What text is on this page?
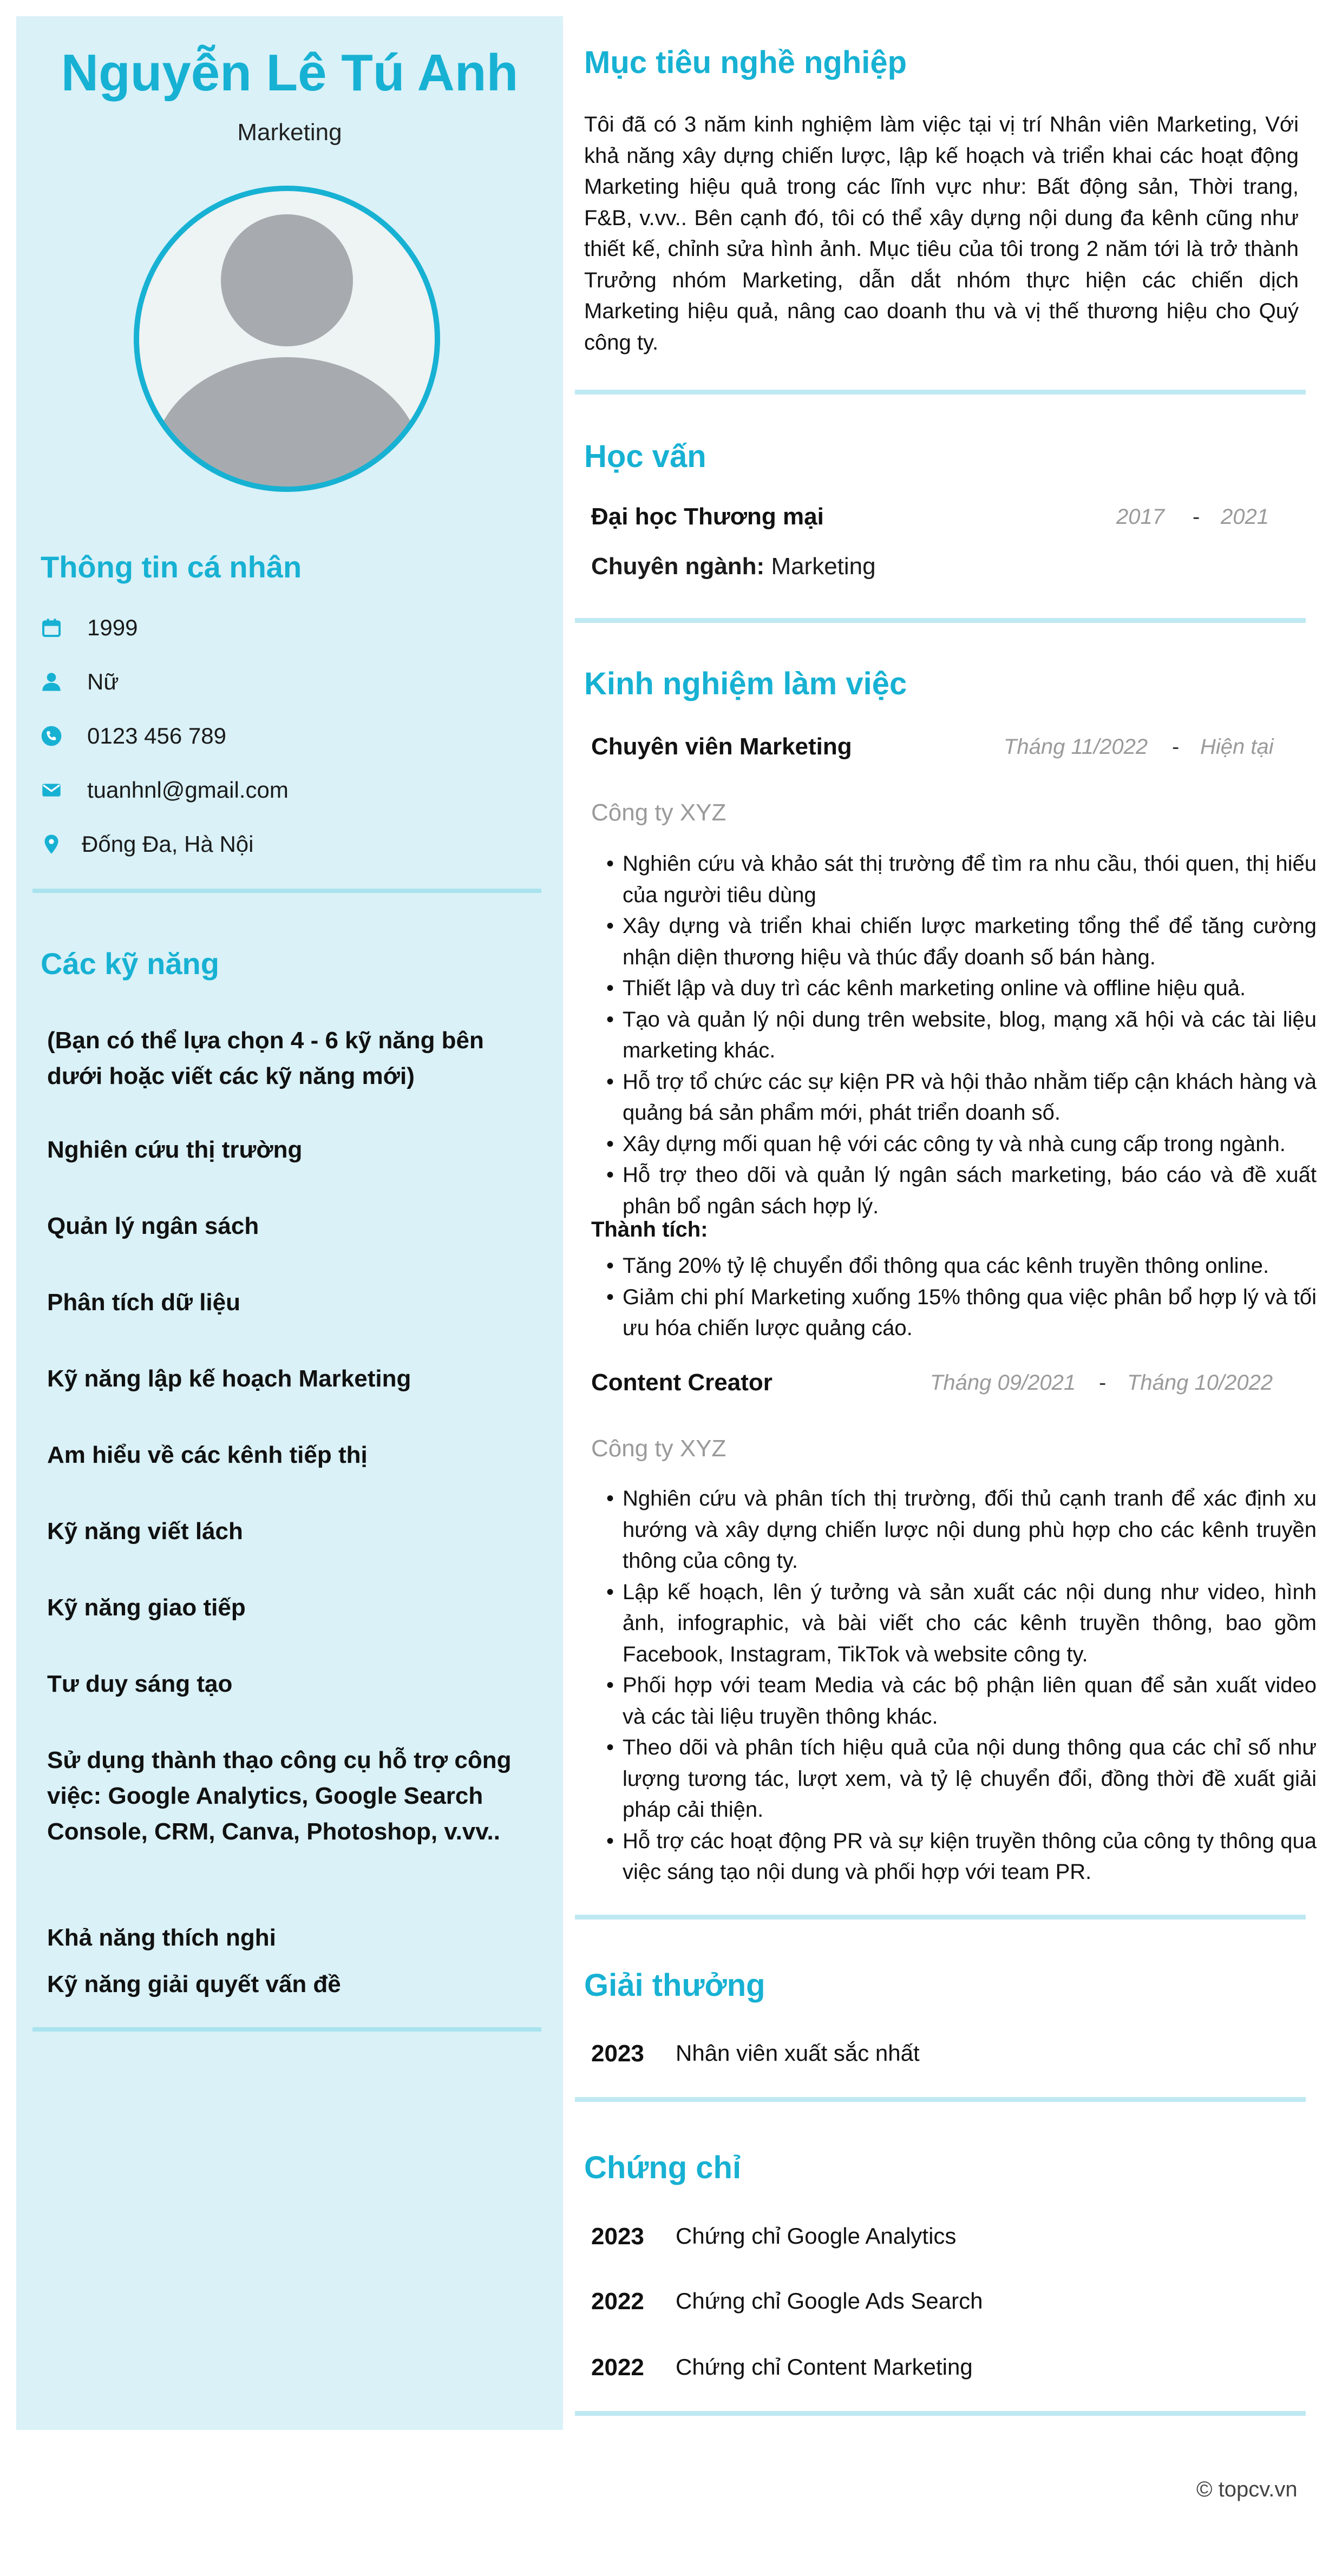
Nguyễn Lê Tú Anh
Marketing
Thông tin cá nhân
1999
Nữ
0123 456 789
tuanhnl@gmail.com
Đống Đa, Hà Nội
Các kỹ năng
(Bạn có thể lựa chọn 4 - 6 kỹ năng bên dưới hoặc viết các kỹ năng mới)
Nghiên cứu thị trường
Quản lý ngân sách
Phân tích dữ liệu
Kỹ năng lập kế hoạch Marketing
Am hiểu về các kênh tiếp thị
Kỹ năng viết lách
Kỹ năng giao tiếp
Tư duy sáng tạo
Sử dụng thành thạo công cụ hỗ trợ công việc: Google Analytics, Google Search Console, CRM, Canva, Photoshop, v.vv..
Khả năng thích nghi
Kỹ năng giải quyết vấn đề
Mục tiêu nghề nghiệp
Tôi đã có 3 năm kinh nghiệm làm việc tại vị trí Nhân viên Marketing, Với khả năng xây dựng chiến lược, lập kế hoạch và triển khai các hoạt động Marketing hiệu quả trong các lĩnh vực như: Bất động sản, Thời trang, F&B, v.vv.. Bên cạnh đó, tôi có thể xây dựng nội dung đa kênh cũng như thiết kế, chỉnh sửa hình ảnh. Mục tiêu của tôi trong 2 năm tới là trở thành Trưởng nhóm Marketing, dẫn dắt nhóm thực hiện các chiến dịch Marketing hiệu quả, nâng cao doanh thu và vị thế thương hiệu cho Quý công ty.
Học vấn
Đại học Thương mại	2017 - 2021
Chuyên ngành: Marketing
Kinh nghiệm làm việc
Chuyên viên Marketing	Tháng 11/2022 - Hiện tại
Công ty XYZ
• Nghiên cứu và khảo sát thị trường để tìm ra nhu cầu, thói quen, thị hiếu của người tiêu dùng
• Xây dựng và triển khai chiến lược marketing tổng thể để tăng cường nhận diện thương hiệu và thúc đẩy doanh số bán hàng.
• Thiết lập và duy trì các kênh marketing online và offline hiệu quả.
• Tạo và quản lý nội dung trên website, blog, mạng xã hội và các tài liệu marketing khác.
• Hỗ trợ tổ chức các sự kiện PR và hội thảo nhằm tiếp cận khách hàng và quảng bá sản phẩm mới, phát triển doanh số.
• Xây dựng mối quan hệ với các công ty và nhà cung cấp trong ngành.
• Hỗ trợ theo dõi và quản lý ngân sách marketing, báo cáo và đề xuất phân bổ ngân sách hợp lý.
Thành tích:
• Tăng 20% tỷ lệ chuyển đổi thông qua các kênh truyền thông online.
• Giảm chi phí Marketing xuống 15% thông qua việc phân bổ hợp lý và tối ưu hóa chiến lược quảng cáo.
Content Creator	Tháng 09/2021 - Tháng 10/2022
Công ty XYZ
• Nghiên cứu và phân tích thị trường, đối thủ cạnh tranh để xác định xu hướng và xây dựng chiến lược nội dung phù hợp cho các kênh truyền thông của công ty.
• Lập kế hoạch, lên ý tưởng và sản xuất các nội dung như video, hình ảnh, infographic, và bài viết cho các kênh truyền thông, bao gồm Facebook, Instagram, TikTok và website công ty.
• Phối hợp với team Media và các bộ phận liên quan để sản xuất video và các tài liệu truyền thông khác.
• Theo dõi và phân tích hiệu quả của nội dung thông qua các chỉ số như lượng tương tác, lượt xem, và tỷ lệ chuyển đổi, đồng thời đề xuất giải pháp cải thiện.
• Hỗ trợ các hoạt động PR và sự kiện truyền thông của công ty thông qua việc sáng tạo nội dung và phối hợp với team PR.
Giải thưởng
2023 Nhân viên xuất sắc nhất
Chứng chỉ
2023 Chứng chỉ Google Analytics
2022 Chứng chỉ Google Ads Search
2022 Chứng chỉ Content Marketing
© topcv.vn
